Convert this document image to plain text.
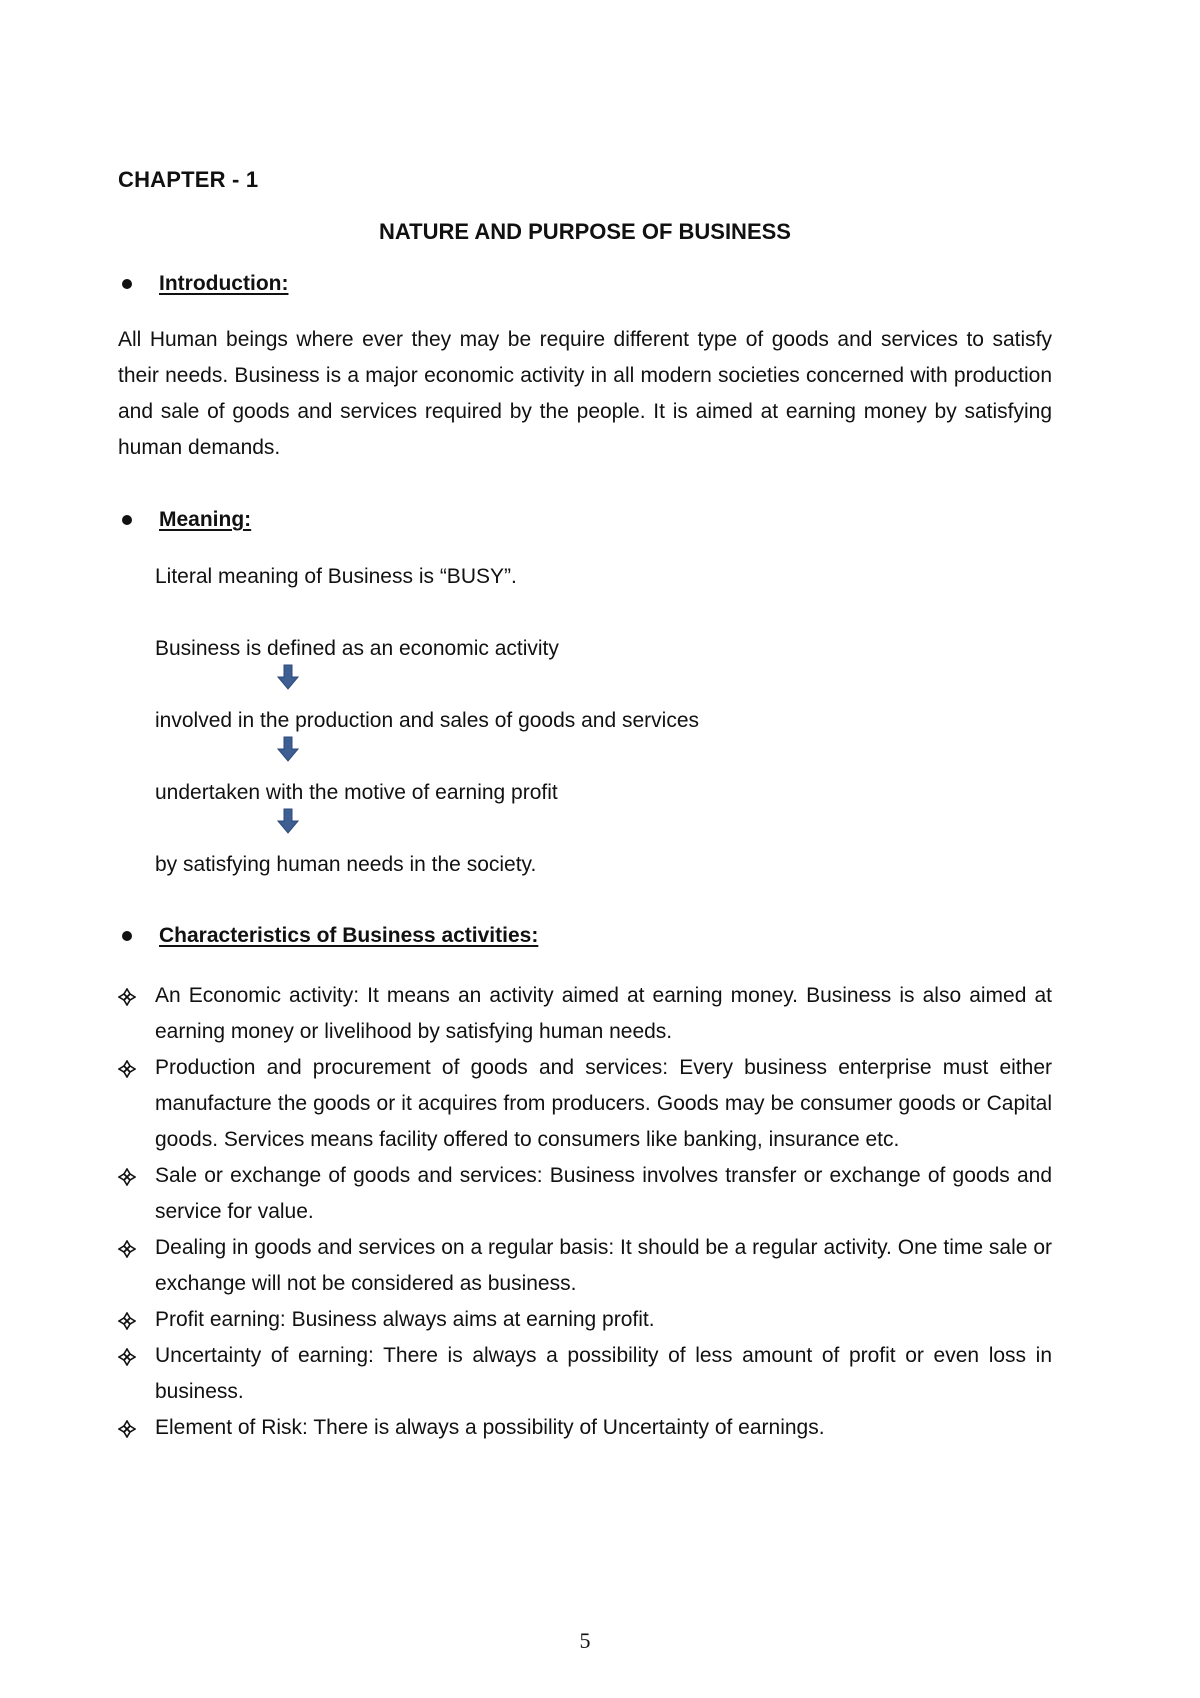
CHAPTER - 1
NATURE AND PURPOSE OF BUSINESS
Introduction:
All Human beings where ever they may be require different type of goods and services to satisfy their needs. Business is a major economic activity in all modern societies concerned with production and sale of goods and services required by the people. It is aimed at earning money by satisfying human demands.
Meaning:
Literal meaning of Business is “BUSY”.
Business is defined as an economic activity
involved in the production and sales of goods and services
undertaken with the motive of earning profit
by satisfying human needs in the society.
Characteristics of Business activities:
An Economic activity: It means an activity aimed at earning money. Business is also aimed at earning money or livelihood by satisfying human needs.
Production and procurement of goods and services: Every business enterprise must either manufacture the goods or it acquires from producers. Goods may be consumer goods or Capital goods. Services means facility offered to consumers like banking, insurance etc.
Sale or exchange of goods and services: Business involves transfer or exchange of goods and service for value.
Dealing in goods and services on a regular basis: It should be a regular activity. One time sale or exchange will not be considered as business.
Profit earning: Business always aims at earning profit.
Uncertainty of earning: There is always a possibility of less amount of profit or even loss in business.
Element of Risk: There is always a possibility of Uncertainty of earnings.
5
